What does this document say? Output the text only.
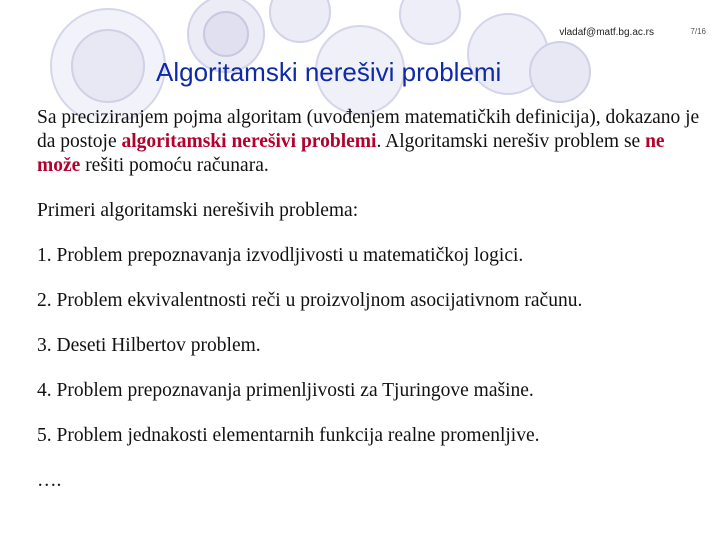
vladaf@matf.bg.ac.rs	7/16
Algoritamski nerešivi problemi

Sa preciziranjem pojma algoritam (uvođenjem matematičkih definicija), dokazano je da postoje algoritamski nerešivi problemi. Algoritamski nerešiv problem se ne može rešiti pomoću računara.

Primeri algoritamski nerešivih problema:

1. Problem prepoznavanja izvodljivosti u matematičkoj logici.

2. Problem ekvivalentnosti reči u proizvoljnom asocijativnom računu.

3. Deseti Hilbertov problem.

4. Problem prepoznavanja primenljivosti za Tjuringove mašine.

5. Problem jednakosti elementarnih funkcija realne promenljive.

….
